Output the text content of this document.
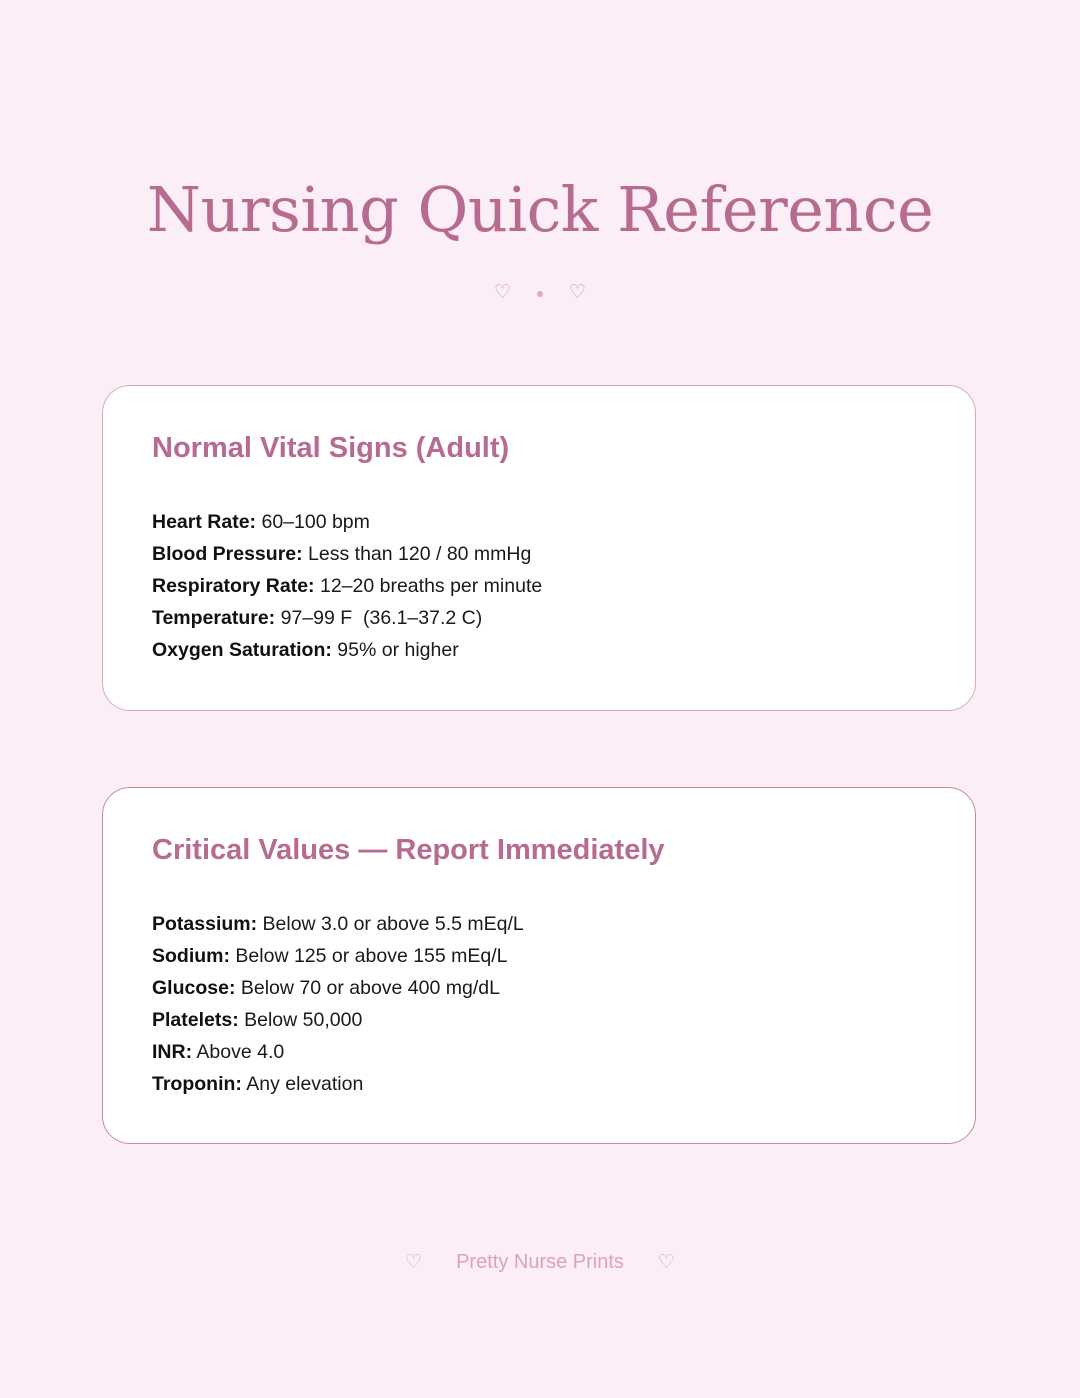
Nursing Quick Reference
♡	♡
Normal Vital Signs (Adult)
Heart Rate: 60–100 bpm
Blood Pressure: Less than 120 / 80 mmHg
Respiratory Rate: 12–20 breaths per minute
Temperature: 97–99 F  (36.1–37.2 C)
Oxygen Saturation: 95% or higher
Critical Values — Report Immediately
Potassium: Below 3.0 or above 5.5 mEq/L
Sodium: Below 125 or above 155 mEq/L
Glucose: Below 70 or above 400 mg/dL
Platelets: Below 50,000
INR: Above 4.0
Troponin: Any elevation
♡ Pretty Nurse Prints ♡
